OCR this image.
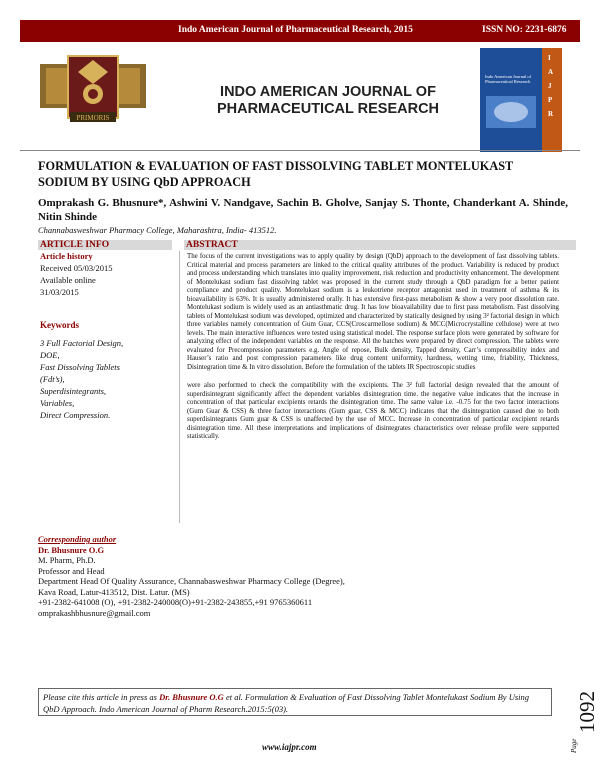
Indo American Journal of Pharmaceutical Research, 2015	ISSN NO: 2231-6876
PRIMORIS
INDO AMERICAN JOURNAL OF
PHARMACEUTICAL RESEARCH
I
A
J
P
R
Indo American Journal of Pharmaceutical Research
FORMULATION & EVALUATION OF FAST DISSOLVING TABLET MONTELUKAST
SODIUM BY USING QbD APPROACH
Omprakash G. Bhusnure*, Ashwini V. Nandgave, Sachin B. Gholve, Sanjay S. Thonte, Chanderkant A. Shinde, Nitin Shinde
Channabasweshwar Pharmacy College, Maharashtra, India- 413512.
ARTICLE INFO	ABSTRACT
Article history
Received 05/03/2015
Available online
31/03/2015
Keywords
3 Full Factorial Design,
DOE,
Fast Dissolving Tablets
(Fdt’s),
Superdisintegrants,
Variables,
Direct Compression.

The focus of the current investigations was to apply quality by design (QbD) approach to the development of fast dissolving tablets. Critical material and process parameters are linked to the critical quality attributes of the product. Variability is reduced by product and process understanding which translates into quality improvement, risk reduction and productivity enhancement. The development of Montelukast sodium fast dissolving tablet was proposed in the current study through a QbD paradigm for a better patient compliance and product quality. Montelukast sodium is a leukotriene receptor antagonist used in treatment of asthma & its bioavailability is 63%. It is usually administered orally. It has extensive first-pass metabolism & show a very poor dissolution rate. Montelukast sodium is widely used as an antiasthmatic drug. It has low bioavailability due to first pass metabolism. Fast dissolving tablets of Montelukast sodium was developed, optimized and characterized by statically designed by using 3² factorial design in which three variables namely concentration of Gum Guar, CCS(Croscarmellose sodium) & MCC(Microcrystalline cellulose) were at two levels. The main interactive influences were tested using statistical model. The response surface plots were generated by software for analyzing effect of the independent variables on the response. All the batches were prepared by direct compression. The tablets were evaluated for Precompression parameters e.g. Angle of repose, Bulk density, Tapped density, Carr’s compressibility index and Hauser’s ratio and post compression parameters like drug content uniformity, hardness, wetting time, friability, Thickness, Disintegration time & In vitro dissolution. Before the formulation of the tablets IR Spectroscopic studies

were also performed to check the compatibility with the excipients. The 3² full factorial design revealed that the amount of superdisintegrant significantly affect the dependent variables disintegration time. the negative value indicates that the increase in concentration of that particular excipients retards the disintegration time. The same value i.e. -0.75 for the two factor interactions (Gum Guar & CSS) & three factor interactions (Gum guar, CSS & MCC) indicates that the disintegration caused due to both superdisintegrants Gum guar & CSS is unaffected by the use of MCC. Increase in concentration of particular excipient retards disintegration time. All these interpretations and implications of disintegrates characteristics over release profile were supported statistically.

Corresponding author
Dr. Bhusnure O.G
M. Pharm, Ph.D.
Professor and Head
Department Head Of Quality Assurance, Channabasweshwar Pharmacy College (Degree),
Kava Road, Latur-413512, Dist. Latur. (MS)
+91-2382-641008 (O), +91-2382-240008(O)+91-2382-243855,+91 9765360611
omprakashbhusnure@gmail.com
Please cite this article in press as Dr. Bhusnure O.G et al. Formulation & Evaluation of Fast Dissolving Tablet Montelukast Sodium By Using QbD Approach. Indo American Journal of Pharm Research.2015:5(03).
Page
1092
www.iajpr.com
